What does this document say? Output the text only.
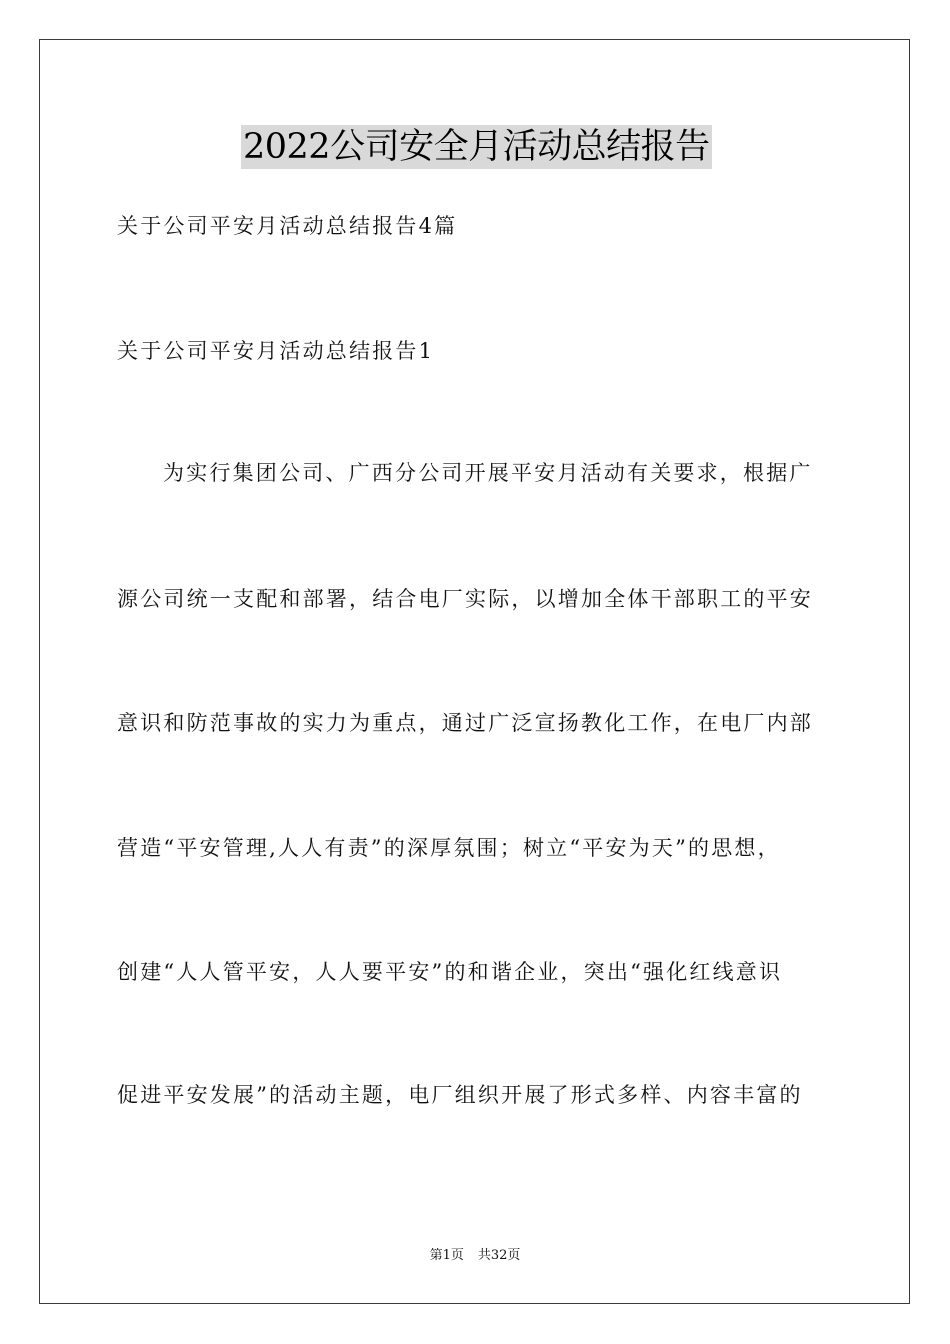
2022公司安全月活动总结报告
关于公司平安月活动总结报告4篇
关于公司平安月活动总结报告1
为实行集团公司、广西分公司开展平安月活动有关要求，根据广
源公司统一支配和部署，结合电厂实际，以增加全体干部职工的平安
意识和防范事故的实力为重点，通过广泛宣扬教化工作，在电厂内部
营造“平安管理,人人有责”的深厚氛围；树立“平安为天”的思想，
创建“人人管平安，人人要平安”的和谐企业，突出“强化红线意识
促进平安发展”的活动主题，电厂组织开展了形式多样、内容丰富的
第1页 共32页
